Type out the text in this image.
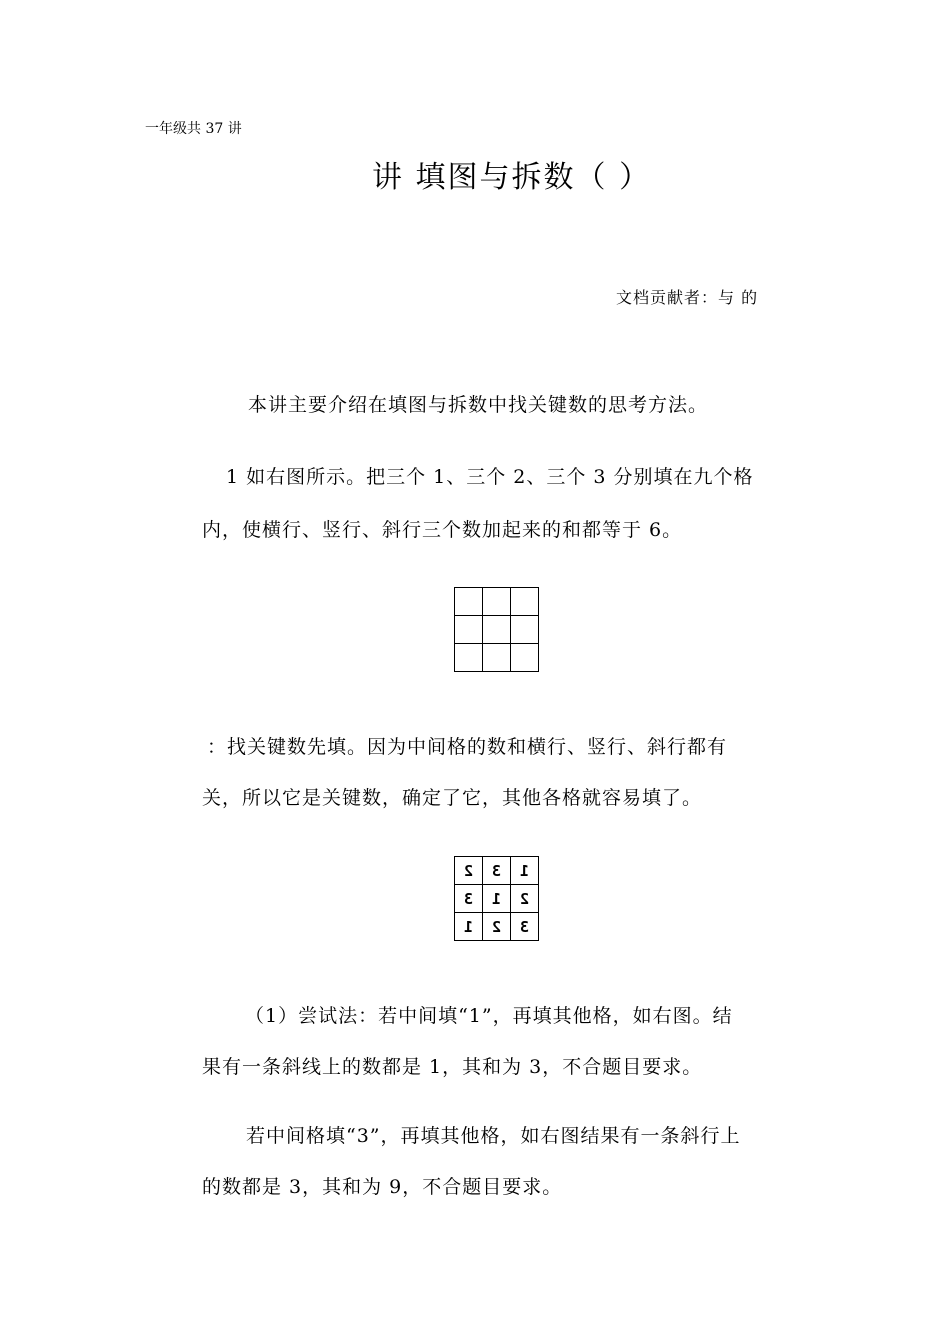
一年级共 37 讲
讲 填图与拆数（ ）
文档贡献者：与 的
本讲主要介绍在填图与拆数中找关键数的思考方法。
1 如右图所示。把三个 1、三个 2、三个 3 分别填在九个格
内，使横行、竖行、斜行三个数加起来的和都等于 6。

：找关键数先填。因为中间格的数和横行、竖行、斜行都有
关，所以它是关键数，确定了它，其他各格就容易填了。
2	3	1
3	1	2
1	2	3
（1）尝试法：若中间填“1”，再填其他格，如右图。结
果有一条斜线上的数都是 1，其和为 3，不合题目要求。
若中间格填“3”，再填其他格，如右图结果有一条斜行上
的数都是 3，其和为 9，不合题目要求。
